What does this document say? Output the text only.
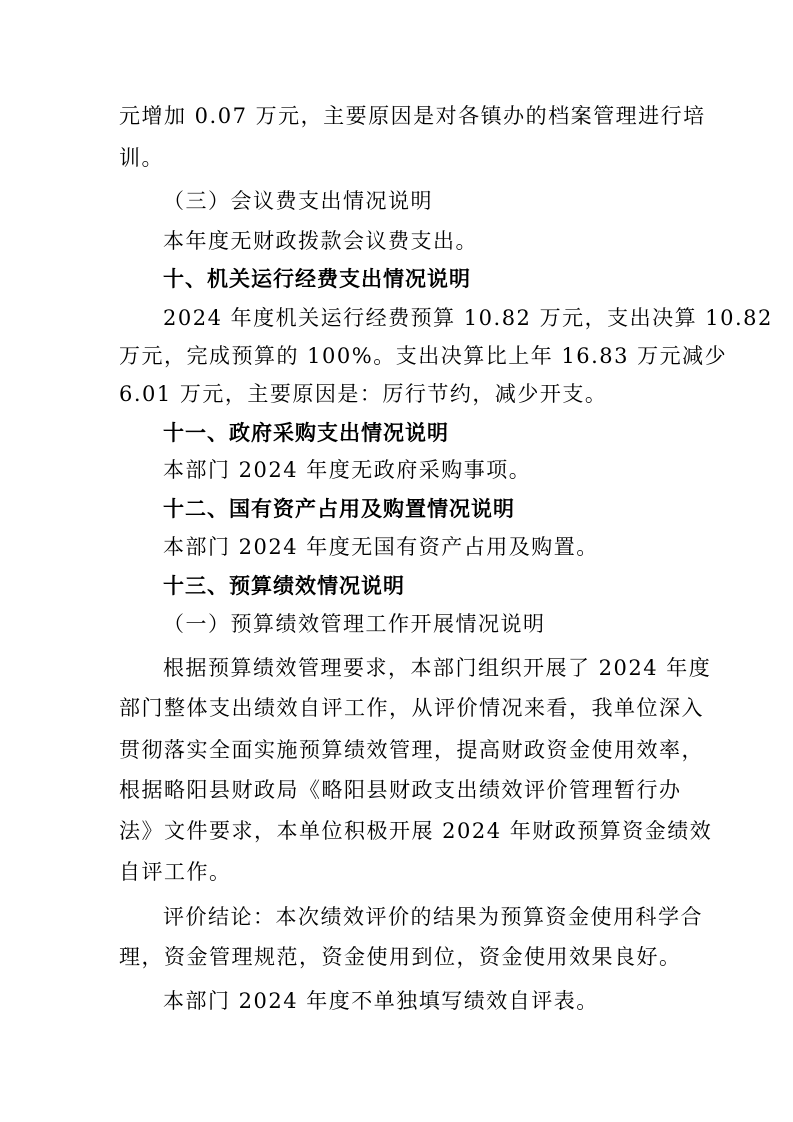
元增加 0.07 万元，主要原因是对各镇办的档案管理进行培
训。
（三）会议费支出情况说明
本年度无财政拨款会议费支出。
十、机关运行经费支出情况说明
2024 年度机关运行经费预算 10.82 万元，支出决算 10.82
万元，完成预算的 100%。支出决算比上年 16.83 万元减少
6.01 万元，主要原因是：厉行节约，减少开支。
十一、政府采购支出情况说明
本部门 2024 年度无政府采购事项。
十二、国有资产占用及购置情况说明
本部门 2024 年度无国有资产占用及购置。
十三、预算绩效情况说明
（一）预算绩效管理工作开展情况说明
根据预算绩效管理要求，本部门组织开展了 2024 年度
部门整体支出绩效自评工作，从评价情况来看，我单位深入
贯彻落实全面实施预算绩效管理，提高财政资金使用效率，
根据略阳县财政局《略阳县财政支出绩效评价管理暂行办
法》文件要求，本单位积极开展 2024 年财政预算资金绩效
自评工作。
评价结论：本次绩效评价的结果为预算资金使用科学合
理，资金管理规范，资金使用到位，资金使用效果良好。
本部门 2024 年度不单独填写绩效自评表。
